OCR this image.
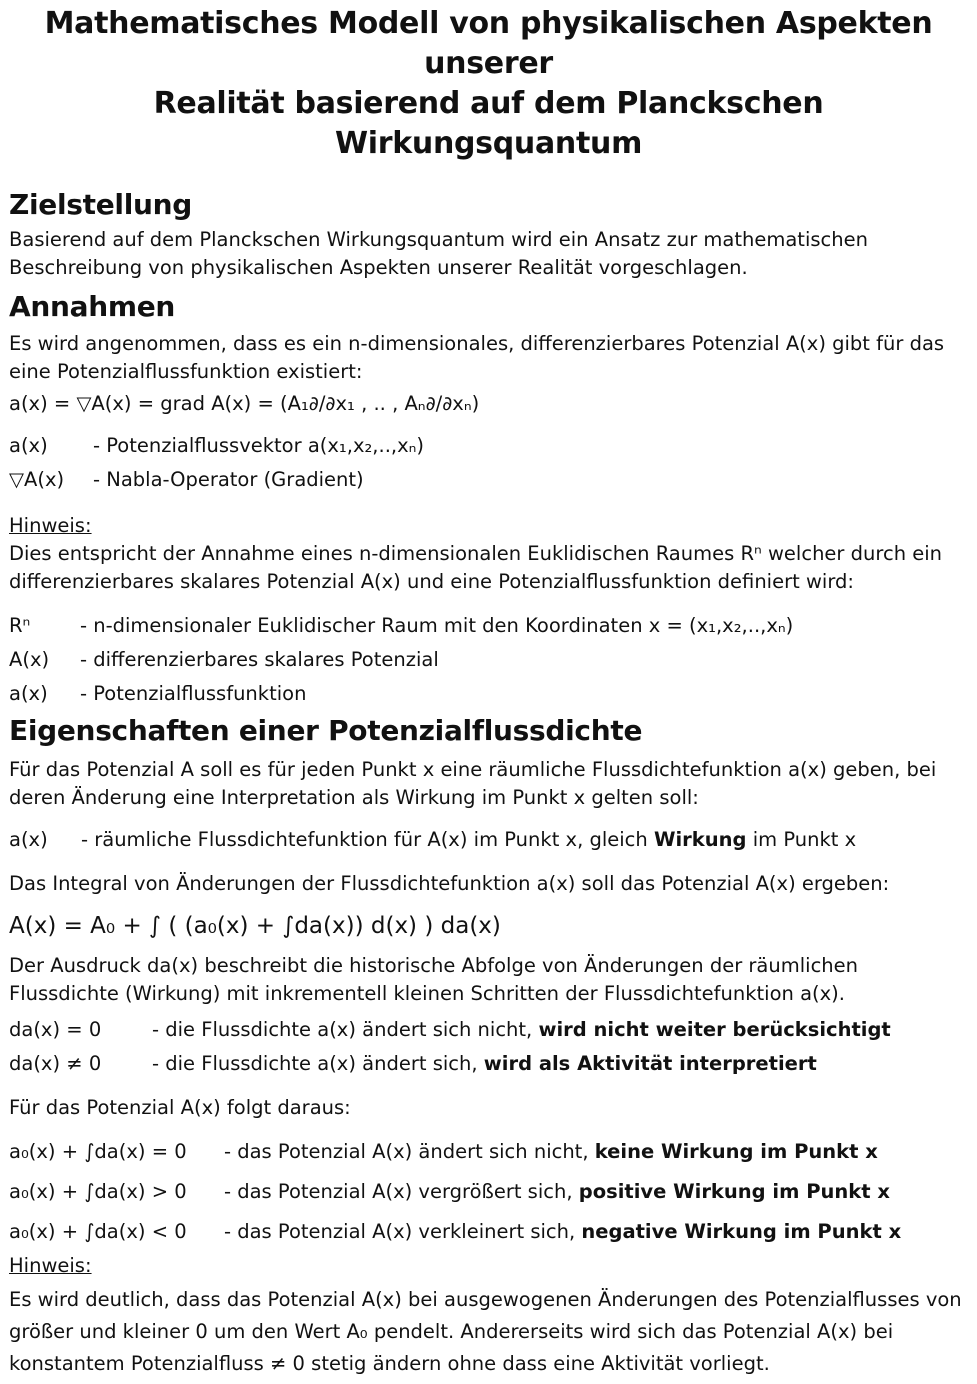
Mathematisches Modell von physikalischen Aspekten unserer
Realität basierend auf dem Planckschen Wirkungsquantum
Zielstellung

Basierend auf dem Planckschen Wirkungsquantum wird ein Ansatz zur mathematischen Beschreibung von physikalischen Aspekten unserer Realität vorgeschlagen.

Annahmen

Es wird angenommen, dass es ein n-dimensionales, differenzierbares Potenzial A(x) gibt für das eine Potenzialflussfunktion existiert:

a(x) = ▽A(x) = grad A(x) = (A₁∂/∂x₁ , .. , Aₙ∂/∂xₙ)

a(x)	- Potenzialflussvektor a(x₁,x₂,..,xₙ)
▽A(x)	- Nabla-Operator (Gradient)

Hinweis:

Dies entspricht der Annahme eines n-dimensionalen Euklidischen Raumes Rⁿ welcher durch ein differenzierbares skalares Potenzial A(x) und eine Potenzialflussfunktion definiert wird:

Rⁿ	- n-dimensionaler Euklidischer Raum mit den Koordinaten x = (x₁,x₂,..,xₙ)
A(x)	- differenzierbares skalares Potenzial
a(x)	- Potenzialflussfunktion
Eigenschaften einer Potenzialflussdichte

Für das Potenzial A soll es für jeden Punkt x eine räumliche Flussdichtefunktion a(x) geben, bei deren Änderung eine Interpretation als Wirkung im Punkt x gelten soll:

a(x)	- räumliche Flussdichtefunktion für A(x) im Punkt x, gleich Wirkung im Punkt x

Das Integral von Änderungen der Flussdichtefunktion a(x) soll das Potenzial A(x) ergeben:

A(x) = A₀ + ∫ ( (a₀(x) + ∫da(x)) d(x) ) da(x)

Der Ausdruck da(x) beschreibt die historische Abfolge von Änderungen der räumlichen Flussdichte (Wirkung) mit inkrementell kleinen Schritten der Flussdichtefunktion a(x).

da(x) = 0	- die Flussdichte a(x) ändert sich nicht, wird nicht weiter berücksichtigt
da(x) ≠ 0	- die Flussdichte a(x) ändert sich, wird als Aktivität interpretiert

Für das Potenzial A(x) folgt daraus:

a₀(x) + ∫da(x) = 0	- das Potenzial A(x) ändert sich nicht, keine Wirkung im Punkt x
a₀(x) + ∫da(x) > 0	- das Potenzial A(x) vergrößert sich, positive Wirkung im Punkt x
a₀(x) + ∫da(x) < 0	- das Potenzial A(x) verkleinert sich, negative Wirkung im Punkt x

Hinweis:

Es wird deutlich, dass das Potenzial A(x) bei ausgewogenen Änderungen des Potenzialflusses von größer und kleiner 0 um den Wert A₀ pendelt. Andererseits wird sich das Potenzial A(x) bei konstantem Potenzialfluss ≠ 0 stetig ändern ohne dass eine Aktivität vorliegt.
